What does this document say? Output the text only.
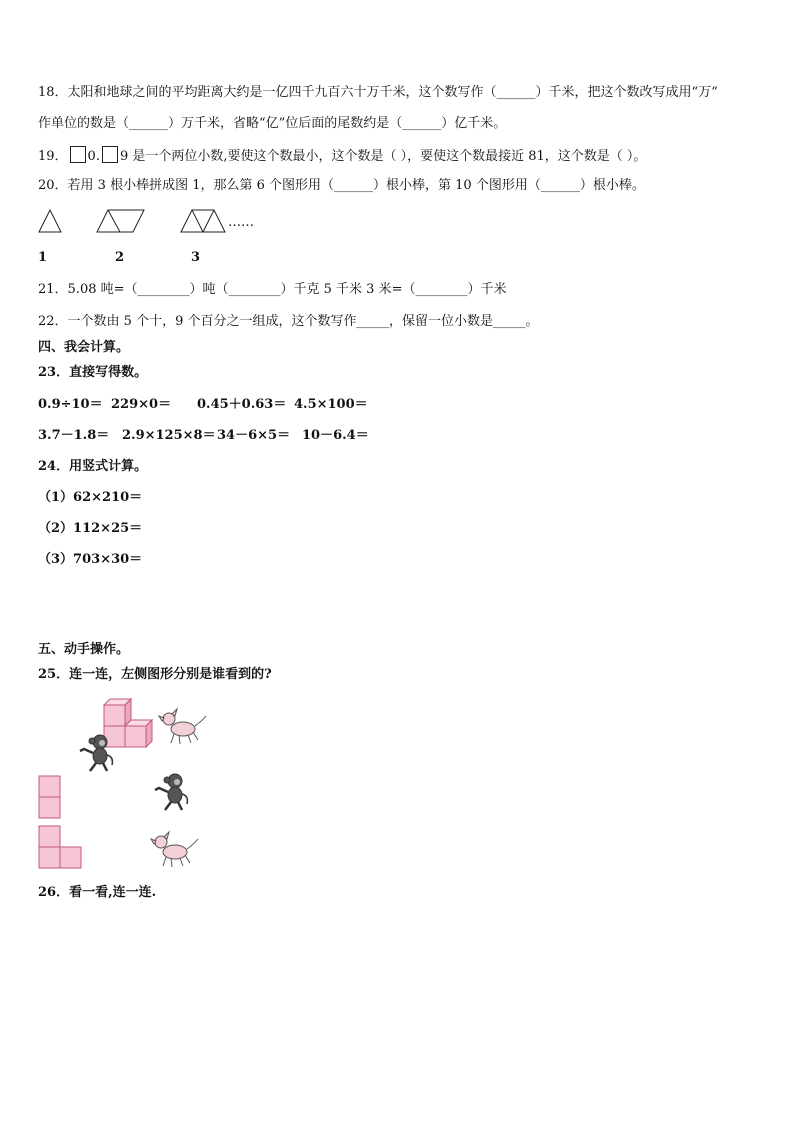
18．太阳和地球之间的平均距离大约是一亿四千九百六十万千米，这个数写作（______）千米，把这个数改写成用“万”
作单位的数是（______）万千米，省略“亿”位后面的尾数约是（______）亿千米。
19． 0. 9 是一个两位小数,要使这个数最小，这个数是（ ），要使这个数最接近 81，这个数是（ ）。
20．若用 3 根小棒拼成图 1，那么第 6 个图形用（______）根小棒，第 10 个图形用（______）根小棒。
……
1	2	3
21．5.08 吨=（________）吨（________）千克 5 千米 3 米=（________）千米
22．一个数由 5 个十，9 个百分之一组成，这个数写作_____，保留一位小数是_____。
四、我会计算。
23．直接写得数。
0.9÷10＝ 229×0＝ 0.45＋0.63＝ 4.5×100＝
3.7－1.8＝ 2.9×125×8＝ 34－6×5＝ 10－6.4＝
24．用竖式计算。
（1）62×210＝
（2）112×25＝
（3）703×30＝
五、动手操作。
25．连一连，左侧图形分别是谁看到的?
26．看一看,连一连.
